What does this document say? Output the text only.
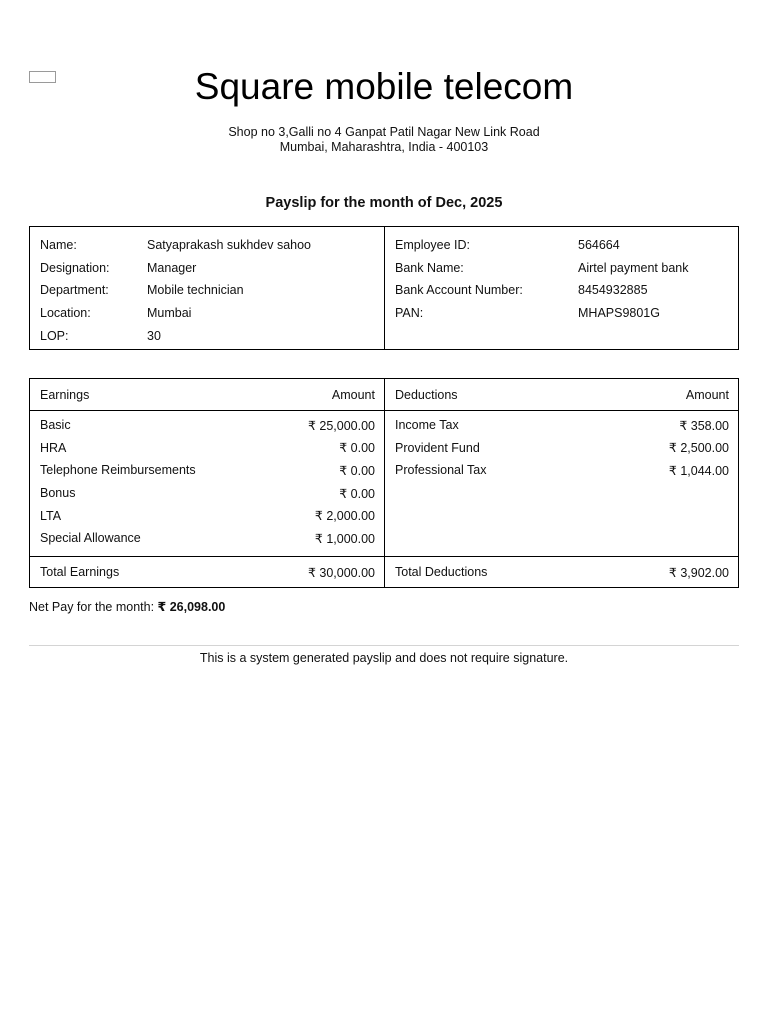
Square mobile telecom
Shop no 3,Galli no 4 Ganpat Patil Nagar New Link Road
Mumbai, Maharashtra, India - 400103
Payslip for the month of Dec, 2025
Name:	Satyaprakash sukhdev sahoo
Designation:	Manager
Department:	Mobile technician
Location:	Mumbai
LOP:	30
Employee ID:	564664
Bank Name:	Airtel payment bank
Bank Account Number:	8454932885
PAN:	MHAPS9801G
Earnings	Amount Deductions	Amount
Basic	₹ 25,000.00
HRA	₹ 0.00
Telephone Reimbursements	₹ 0.00
Bonus	₹ 0.00
LTA	₹ 2,000.00
Special Allowance	₹ 1,000.00
Income Tax	₹ 358.00
Provident Fund	₹ 2,500.00
Professional Tax	₹ 1,044.00
Total Earnings	₹ 30,000.00 Total Deductions	₹ 3,902.00
Net Pay for the month: ₹ 26,098.00
This is a system generated payslip and does not require signature.
